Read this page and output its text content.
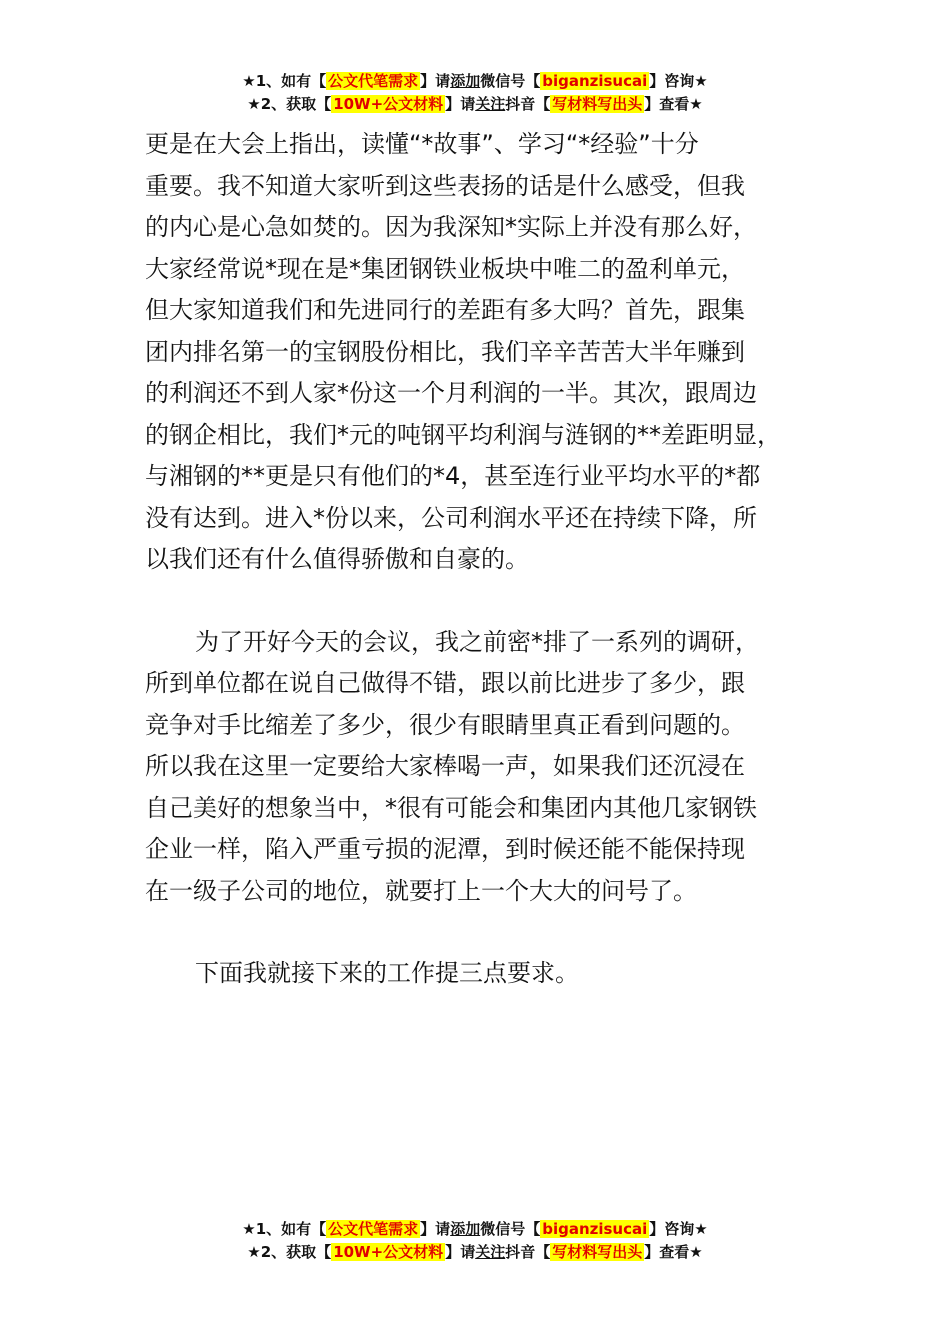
★1、如有【 公文代笔需求 】请添加微信号【 biganzisucai 】咨询★
★2、获取【 10W+公文材料 】请关注抖音【 写材料写出头 】查看★
更是在大会上指出，读懂“*故事”、学习“*经验”十分
重要。我不知道大家听到这些表扬的话是什么感受，但我
的内心是心急如焚的。因为我深知*实际上并没有那么好，
大家经常说*现在是*集团钢铁业板块中唯二的盈利单元，
但大家知道我们和先进同行的差距有多大吗？首先，跟集
团内排名第一的宝钢股份相比，我们辛辛苦苦大半年赚到
的利润还不到人家*份这一个月利润的一半。其次，跟周边
的钢企相比，我们*元的吨钢平均利润与涟钢的**差距明显，
与湘钢的**更是只有他们的*4，甚至连行业平均水平的*都
没有达到。进入*份以来，公司利润水平还在持续下降，所
以我们还有什么值得骄傲和自豪的。
为了开好今天的会议，我之前密*排了一系列的调研，
所到单位都在说自己做得不错，跟以前比进步了多少，跟
竞争对手比缩差了多少，很少有眼睛里真正看到问题的。
所以我在这里一定要给大家棒喝一声，如果我们还沉浸在
自己美好的想象当中，*很有可能会和集团内其他几家钢铁
企业一样，陷入严重亏损的泥潭，到时候还能不能保持现
在一级子公司的地位，就要打上一个大大的问号了。
下面我就接下来的工作提三点要求。
★1、如有【 公文代笔需求 】请添加微信号【 biganzisucai 】咨询★
★2、获取【 10W+公文材料 】请关注抖音【 写材料写出头 】查看★
